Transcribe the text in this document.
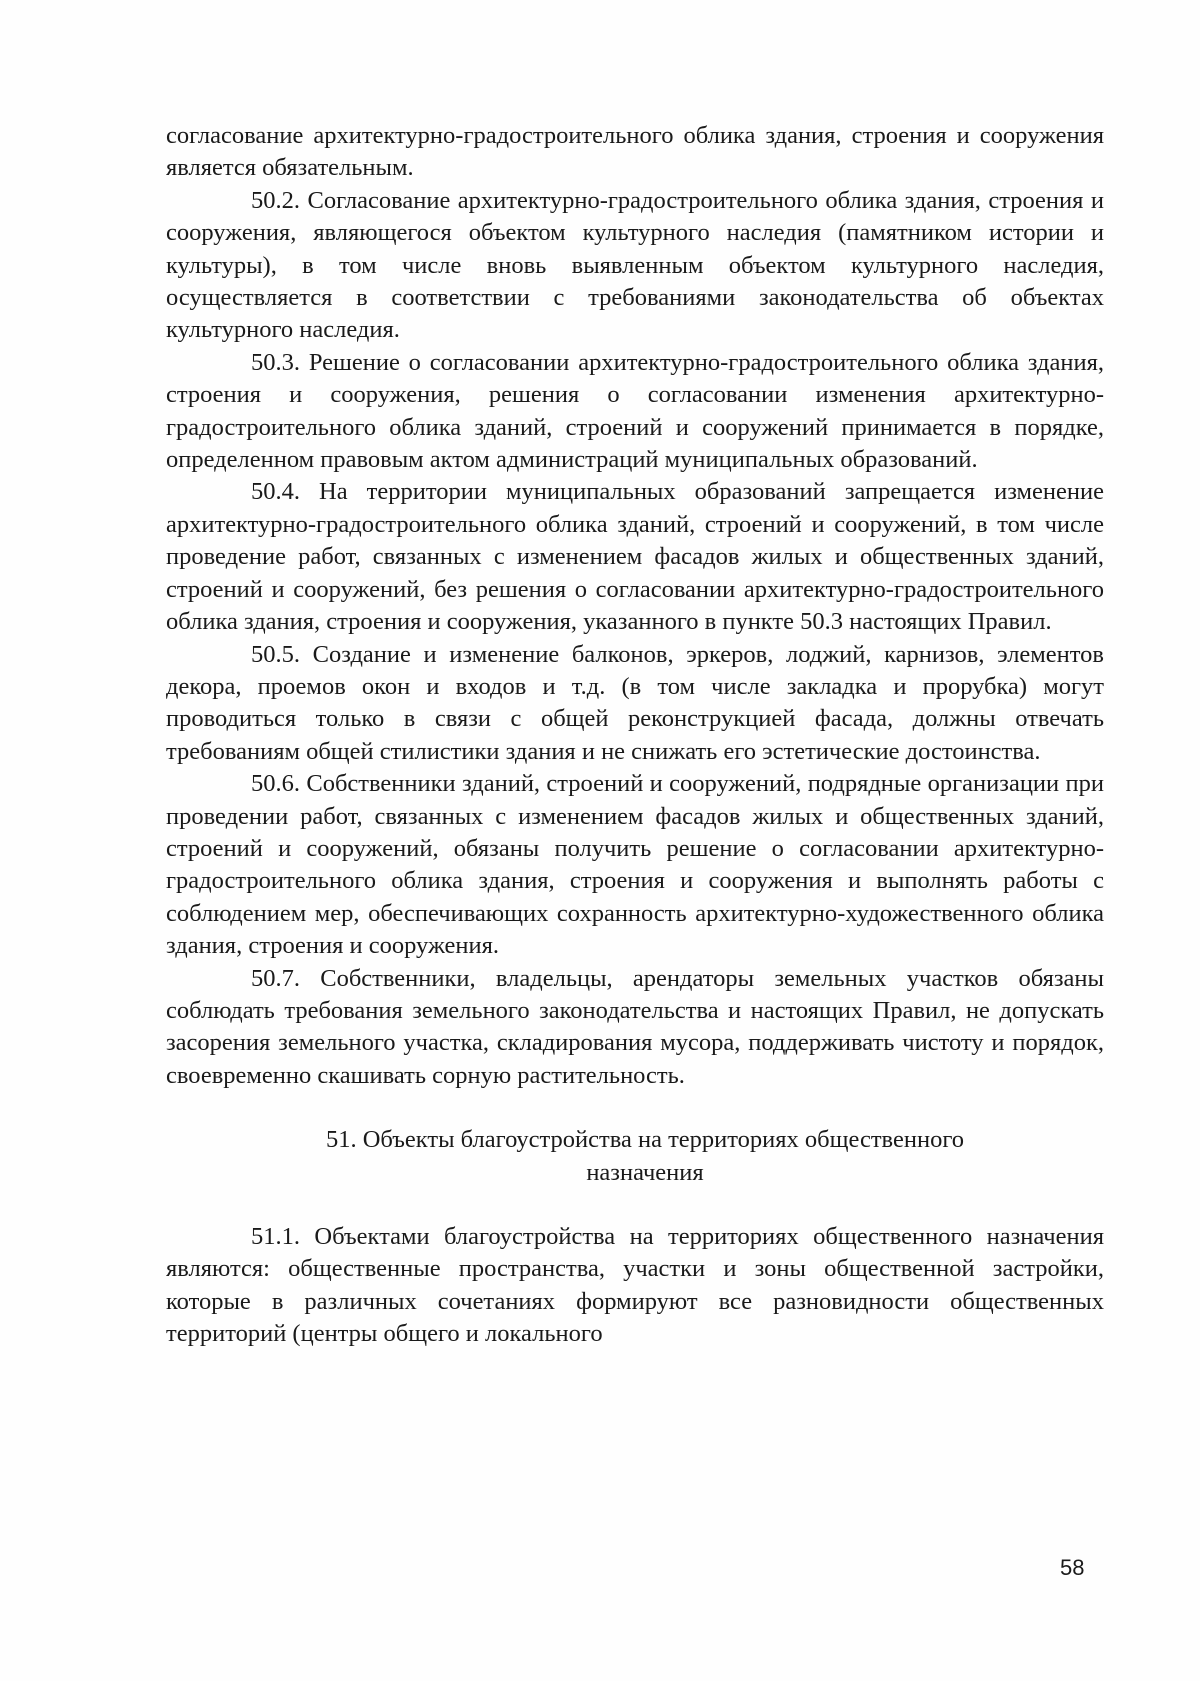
согласование архитектурно-градостроительного облика здания, строения и сооружения является обязательным.

50.2. Согласование архитектурно-градостроительного облика здания, строения и сооружения, являющегося объектом культурного наследия (памятником истории и культуры), в том числе вновь выявленным объектом культурного наследия, осуществляется в соответствии с требованиями законодательства об объектах культурного наследия.

50.3. Решение о согласовании архитектурно-градостроительного облика здания, строения и сооружения, решения о согласовании изменения архитектурно-градостроительного облика зданий, строений и сооружений принимается в порядке, определенном правовым актом администраций муниципальных образований.

50.4. На территории муниципальных образований запрещается изменение архитектурно-градостроительного облика зданий, строений и сооружений, в том числе проведение работ, связанных с изменением фасадов жилых и общественных зданий, строений и сооружений, без решения о согласовании архитектурно-градостроительного облика здания, строения и сооружения, указанного в пункте 50.3 настоящих Правил.

50.5. Создание и изменение балконов, эркеров, лоджий, карнизов, элементов декора, проемов окон и входов и т.д. (в том числе закладка и прорубка) могут проводиться только в связи с общей реконструкцией фасада, должны отвечать требованиям общей стилистики здания и не снижать его эстетические достоинства.

50.6. Собственники зданий, строений и сооружений, подрядные организации при проведении работ, связанных с изменением фасадов жилых и общественных зданий, строений и сооружений, обязаны получить решение о согласовании архитектурно-градостроительного облика здания, строения и сооружения и выполнять работы с соблюдением мер, обеспечивающих сохранность архитектурно-художественного облика здания, строения и сооружения.

50.7. Собственники, владельцы, арендаторы земельных участков обязаны соблюдать требования земельного законодательства и настоящих Правил, не допускать засорения земельного участка, складирования мусора, поддерживать чистоту и порядок, своевременно скашивать сорную растительность.

51. Объекты благоустройства на территориях общественного
назначения

51.1. Объектами благоустройства на территориях общественного назначения являются: общественные пространства, участки и зоны общественной застройки, которые в различных сочетаниях формируют все разновидности общественных территорий (центры общего и локального

58
